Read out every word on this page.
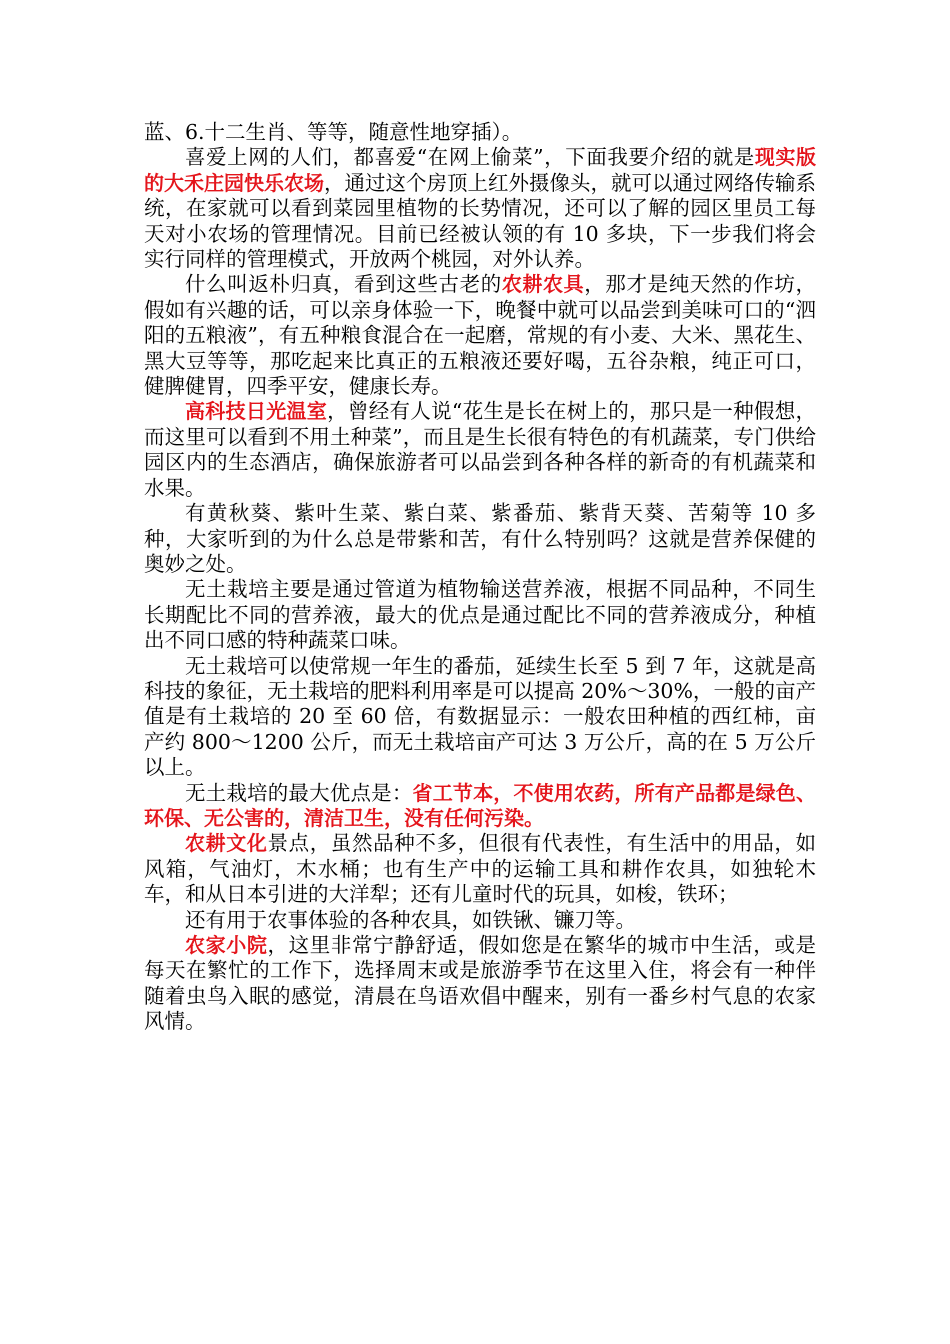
蓝、6.十二生肖、等等，随意性地穿插）。

喜爱上网的人们，都喜爱“在网上偷菜”，下面我要介绍的就是现实版的大禾庄园快乐农场，通过这个房顶上红外摄像头，就可以通过网络传输系统，在家就可以看到菜园里植物的长势情况，还可以了解的园区里员工每天对小农场的管理情况。目前已经被认领的有 10 多块，下一步我们将会实行同样的管理模式，开放两个桃园，对外认养。

什么叫返朴归真，看到这些古老的农耕农具，那才是纯天然的作坊，假如有兴趣的话，可以亲身体验一下，晚餐中就可以品尝到美味可口的“泗阳的五粮液”，有五种粮食混合在一起磨，常规的有小麦、大米、黑花生、黑大豆等等，那吃起来比真正的五粮液还要好喝，五谷杂粮，纯正可口，健脾健胃，四季平安，健康长寿。

高科技日光温室，曾经有人说“花生是长在树上的，那只是一种假想，而这里可以看到不用土种菜”，而且是生长很有特色的有机蔬菜，专门供给园区内的生态酒店，确保旅游者可以品尝到各种各样的新奇的有机蔬菜和水果。

有黄秋葵、紫叶生菜、紫白菜、紫番茄、紫背天葵、苦菊等 10 多种，大家听到的为什么总是带紫和苦，有什么特别吗？这就是营养保健的奥妙之处。

无土栽培主要是通过管道为植物输送营养液，根据不同品种，不同生长期配比不同的营养液，最大的优点是通过配比不同的营养液成分，种植出不同口感的特种蔬菜口味。

无土栽培可以使常规一年生的番茄，延续生长至 5 到 7 年，这就是高科技的象征，无土栽培的肥料利用率是可以提高 20%～30%，一般的亩产值是有土栽培的 20 至 60 倍，有数据显示：一般农田种植的西红柿，亩产约 800～1200 公斤，而无土栽培亩产可达 3 万公斤，高的在 5 万公斤以上。

无土栽培的最大优点是：省工节本，不使用农药，所有产品都是绿色、环保、无公害的，清洁卫生，没有任何污染。

农耕文化景点，虽然品种不多，但很有代表性，有生活中的用品，如风箱，气油灯，木水桶；也有生产中的运输工具和耕作农具，如独轮木车，和从日本引进的大洋犁；还有儿童时代的玩具，如梭，铁环；

还有用于农事体验的各种农具，如铁锹、镰刀等。

农家小院，这里非常宁静舒适，假如您是在繁华的城市中生活，或是每天在繁忙的工作下，选择周末或是旅游季节在这里入住，将会有一种伴随着虫鸟入眠的感觉，清晨在鸟语欢倡中醒来，别有一番乡村气息的农家风情。
